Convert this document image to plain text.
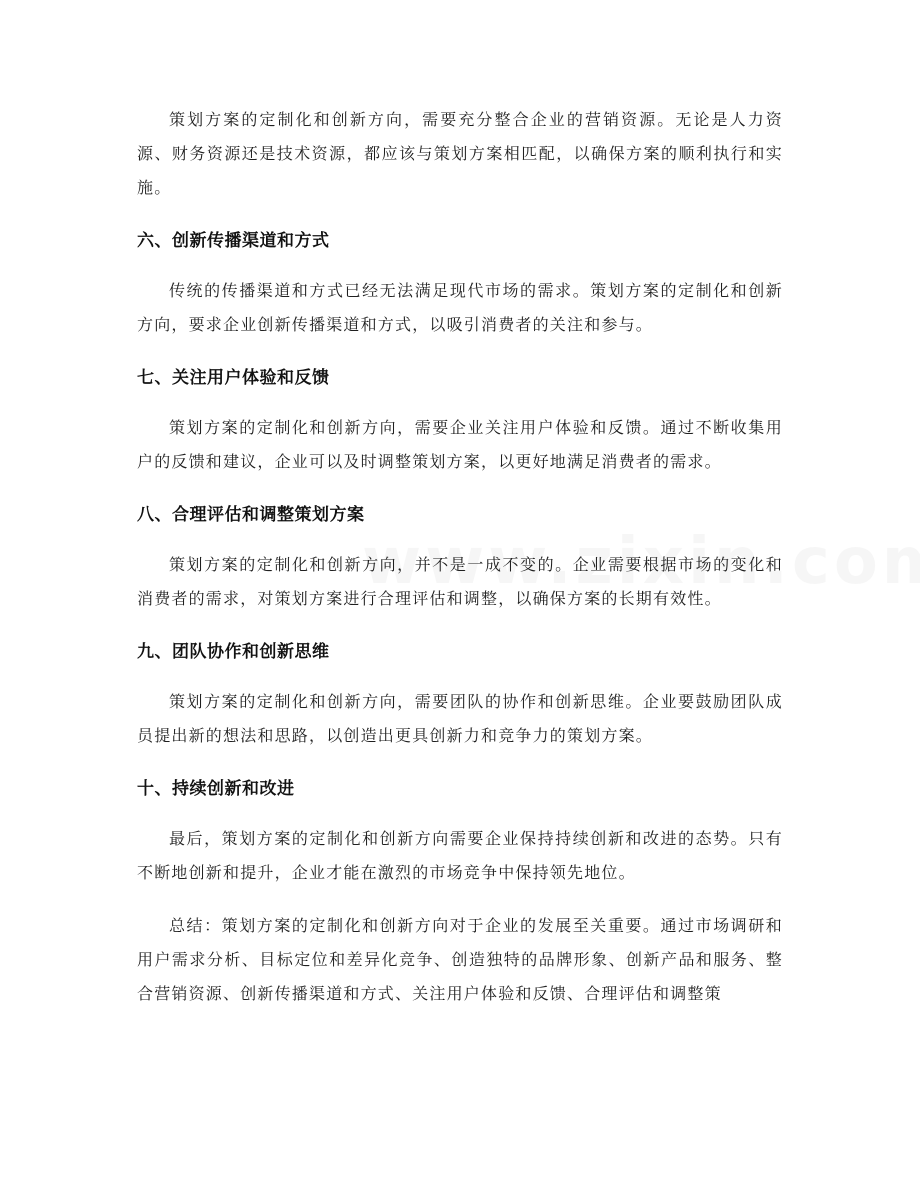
策划方案的定制化和创新方向，需要充分整合企业的营销资源。无论是人力资源、财务资源还是技术资源，都应该与策划方案相匹配，以确保方案的顺利执行和实施。

六、创新传播渠道和方式

传统的传播渠道和方式已经无法满足现代市场的需求。策划方案的定制化和创新方向，要求企业创新传播渠道和方式，以吸引消费者的关注和参与。

七、关注用户体验和反馈

策划方案的定制化和创新方向，需要企业关注用户体验和反馈。通过不断收集用户的反馈和建议，企业可以及时调整策划方案，以更好地满足消费者的需求。

八、合理评估和调整策划方案

策划方案的定制化和创新方向，并不是一成不变的。企业需要根据市场的变化和消费者的需求，对策划方案进行合理评估和调整，以确保方案的长期有效性。

九、团队协作和创新思维

策划方案的定制化和创新方向，需要团队的协作和创新思维。企业要鼓励团队成员提出新的想法和思路，以创造出更具创新力和竞争力的策划方案。

十、持续创新和改进

最后，策划方案的定制化和创新方向需要企业保持持续创新和改进的态势。只有不断地创新和提升，企业才能在激烈的市场竞争中保持领先地位。

总结：策划方案的定制化和创新方向对于企业的发展至关重要。通过市场调研和用户需求分析、目标定位和差异化竞争、创造独特的品牌形象、创新产品和服务、整合营销资源、创新传播渠道和方式、关注用户体验和反馈、合理评估和调整策
